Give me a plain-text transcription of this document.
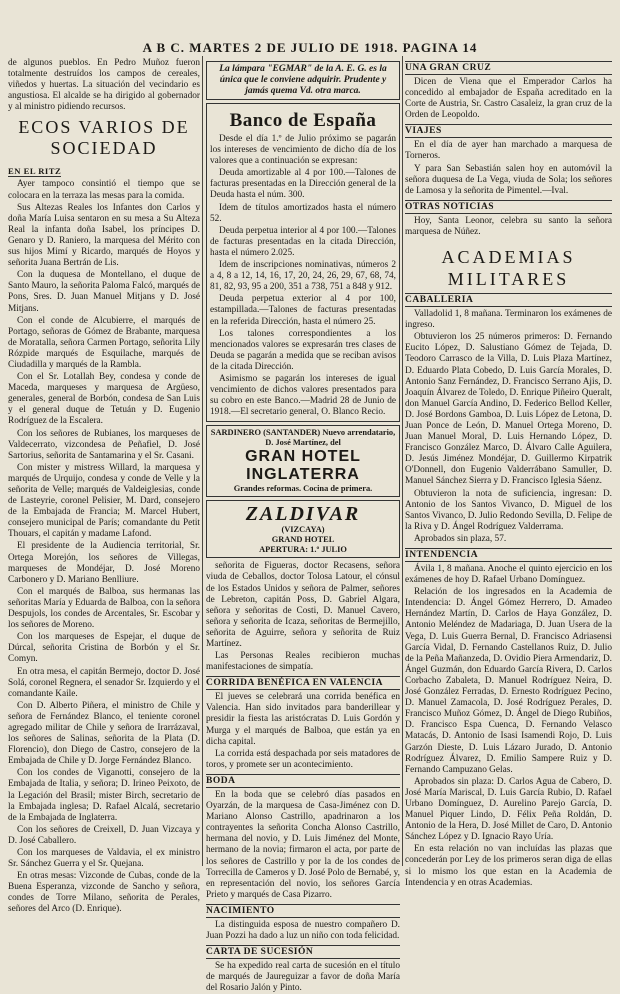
A B C. MARTES 2 DE JULIO DE 1918. PAGINA 14

de algunos pueblos. En Pedro Muñoz fueron totalmente destruídos los campos de cereales, viñedos y huertas. La situación del vecindario es angustiosa. El alcalde se ha dirigido al gobernador y al ministro pidiendo recursos.

ECOS VARIOS DE SOCIEDAD
EN EL RITZ

Ayer tampoco consintió el tiempo que se colocara en la terraza las mesas para la comida.

Sus Altezas Reales los Infantes don Carlos y doña María Luisa sentaron en su mesa a Su Alteza Real la infanta doña Isabel, los príncipes D. Genaro y D. Raniero, la marquesa del Mérito con sus hijos Mimí y Ricardo, marqués de Hoyos y señorita Juana Bertrán de Lis.

Con la duquesa de Montellano, el duque de Santo Mauro, la señorita Paloma Falcó, marqués de Pons, Sres. D. Juan Manuel Mitjans y D. José Mitjans.

Con el conde de Alcubierre, el marqués de Portago, señoras de Gómez de Brabante, marquesa de Moratalla, señora Carmen Portago, señorita Lily Rózpide marqués de Esquilache, marqués de Ciudadilla y marqués de la Rambla.

Con el Sr. Lotallah Bey, condesa y conde de Maceda, marqueses y marquesa de Argüeso, generales, general de Borbón, condesa de San Luis y el general duque de Tetuán y D. Eugenio Rodríguez de la Escalera.

Con los señores de Rubianes, los marqueses de Valdecerrato, vizcondesa de Peñafiel, D. José Sartorius, señorita de Santamarina y el Sr. Casani.

Con mister y mistress Willard, la marquesa y marqués de Urquijo, condesa y conde de Velle y la señorita de Velle; marqués de Valdeiglesias, conde de Lasteyrie, coronel Pelisier, M. Dard, consejero de la Embajada de Francia; M. Marcel Hubert, consejero municipal de París; comandante du Petit Thouars, el capitán y madame Lafond.

El presidente de la Audiencia territorial, Sr. Ortega Morejón, los señores de Villegas, marqueses de Mondéjar, D. José Moreno Carbonero y D. Mariano Benlliure.

Con el marqués de Balboa, sus hermanas las señoritas María y Eduarda de Balboa, con la señora Despujols, los condes de Arcentales, Sr. Escobar y los señores de Moreno.

Con los marqueses de Espejar, el duque de Dúrcal, señorita Cristina de Borbón y el Sr. Comyn.

En otra mesa, el capitán Bermejo, doctor D. José Solá, coronel Regnera, el senador Sr. Izquierdo y el comandante Kaile.

Con D. Alberto Piñera, el ministro de Chile y señora de Fernández Blanco, el teniente coronel agregado militar de Chile y señora de Irarrázaval, los señores de Salinas, señorita de la Plata (D. Florencio), don Diego de Castro, consejero de la Embajada de Chile y D. Jorge Fernández Blanco.

Con los condes de Viganotti, consejero de la Embajada de Italia, y señora; D. Irineo Peixoto, de la Legación del Brasil; mister Birch, secretario de la Embajada inglesa; D. Rafael Alcalá, secretario de la Embajada de Inglaterra.

Con los señores de Creixell, D. Juan Vizcaya y D. José Caballero.

Con los marqueses de Valdavia, el ex ministro Sr. Sánchez Guerra y el Sr. Quejana.

En otras mesas: Vizconde de Cubas, conde de la Buena Esperanza, vizconde de Sancho y señora, condes de Torre Milano, señorita de Perales, señores del Arco (D. Enrique).

La lámpara "EGMAR" de la A. E. G. es la única que le conviene adquirir. Prudente y jamás quema Vd. otra marca.
Banco de España

Desde el día 1.º de Julio próximo se pagarán los intereses de vencimiento de dicho día de los valores que a continuación se expresan:

Deuda amortizable al 4 por 100.—Talones de facturas presentadas en la Dirección general de la Deuda hasta el núm. 300.

Idem de títulos amortizados hasta el número 52.

Deuda perpetua interior al 4 por 100.—Talones de facturas presentadas en la citada Dirección, hasta el número 2.025.

Idem de inscripciones nominativas, números 2 a 4, 8 a 12, 14, 16, 17, 20, 24, 26, 29, 67, 68, 74, 81, 82, 93, 95 a 200, 351 a 738, 751 a 848 y 912.

Deuda perpetua exterior al 4 por 100, estampillada.—Talones de facturas presentadas en la referida Dirección, hasta el número 25.

Los talones correspondientes a los mencionados valores se expresarán tres clases de Deuda se pagarán a medida que se reciban avisos de la citada Dirección.

Asimismo se pagarán los intereses de igual vencimiento de dichos valores presentados para su cobro en este Banco.—Madrid 28 de Junio de 1918.—El secretario general, O. Blanco Recio.

SARDINERO (SANTANDER) Nuevo arrendatario, D. José Martínez, del
GRAN HOTEL INGLATERRA
Grandes reformas. Cocina de primera.
ZALDIVAR
(VIZCAYA)
GRAND HOTEL
APERTURA: 1.º JULIO

señorita de Figueras, doctor Recasens, señora viuda de Ceballos, doctor Tolosa Latour, el cónsul de los Estados Unidos y señora de Palmer, señores de Lebreton, capitán Poss, D. Gabriel Algara, señora y señoritas de Costi, D. Manuel Cavero, señora y señorita de Icaza, señoritas de Bermejillo, señorita de Aguirre, señora y señorita de Ruiz Martínez.

Las Personas Reales recibieron muchas manifestaciones de simpatía.

CORRIDA BENÉFICA EN VALENCIA

El jueves se celebrará una corrida benéfica en Valencia. Han sido invitados para banderillear y presidir la fiesta las aristócratas D. Luis Gordón y Murga y el marqués de Balboa, que están ya en dicha capital.

La corrida está despachada por seis matadores de toros, y promete ser un acontecimiento.

BODA

En la boda que se celebró días pasados en Oyarzán, de la marquesa de Casa-Jiménez con D. Mariano Alonso Castrillo, apadrinaron a los contrayentes la señorita Concha Alonso Castrillo, hermana del novio, y D. Luis Jiménez del Monte, hermano de la novia; firmaron el acta, por parte de los señores de Castrillo y por la de los condes de Torrecilla de Cameros y D. José Polo de Bernabé, y, en representación del novio, los señores García Prieto y marqués de Casa Pizarro.

NACIMIENTO

La distinguida esposa de nuestro compañero D. Juan Pozzi ha dado a luz un niño con toda felicidad.

CARTA DE SUCESIÓN

Se ha expedido real carta de sucesión en el título de marqués de Jaureguizar a favor de doña María del Rosario Jalón y Pinto.

UNA GRAN CRUZ

Dicen de Viena que el Emperador Carlos ha concedido al embajador de España acreditado en la Corte de Austria, Sr. Castro Casaleiz, la gran cruz de la Orden de Leopoldo.

VIAJES

En el día de ayer han marchado a marquesa de Torneros.

Y para San Sebastián salen hoy en automóvil la señora duquesa de La Vega, viuda de Sola; los señores de Lamosa y la señorita de Pimentel.—Ival.

OTRAS NOTICIAS

Hoy, Santa Leonor, celebra su santo la señora marquesa de Núñez.

ACADEMIAS MILITARES
CABALLERIA

Valladolid 1, 8 mañana. Terminaron los exámenes de ingreso.

Obtuvieron los 25 números primeros: D. Fernando Eucito López, D. Salustiano Gómez de Tejada, D. Teodoro Carrasco de la Villa, D. Luis Plaza Martínez, D. Eduardo Plata Cobedo, D. Luis García Morales, D. Antonio Sanz Fernández, D. Francisco Serrano Ajis, D. Joaquín Álvarez de Toledo, D. Enrique Piñeiro Queralt, don Manuel García Andino, D. Federico Bellod Keller, D. José Bordons Gamboa, D. Luis López de Letona, D. Juan Ponce de León, D. Manuel Ortega Moreno, D. Juan Manuel Moral, D. Luis Hernando López, D. Francisco González Marco, D. Álvaro Calle Aguilera, D. Jesús Jiménez Mondéjar, D. Guillermo Kirpatrik O'Donnell, don Eugenio Valderrábano Samuller, D. Manuel Sánchez Sierra y D. Francisco Iglesia Sáenz.

Obtuvieron la nota de suficiencia, ingresan: D. Antonio de los Santos Vivanco, D. Miguel de los Santos Vivanco, D. Julio Redondo Sevilla, D. Felipe de la Riva y D. Ángel Rodríguez Valderrama.

Aprobados sin plaza, 57.

INTENDENCIA

Ávila 1, 8 mañana. Anoche el quinto ejercicio en los exámenes de hoy D. Rafael Urbano Domínguez.

Relación de los ingresados en la Academia de Intendencia: D. Ángel Gómez Herrero, D. Amadeo Hernández Martín, D. Carlos de Haya González, D. Antonio Meléndez de Madariaga, D. Juan Usera de la Vega, D. Luis Guerra Bernal, D. Francisco Adriasensi García Vidal, D. Fernando Castellanos Ruiz, D. Julio de la Peña Mañanzeda, D. Ovidio Piera Armendariz, D. Ángel Guzmán, don Eduardo García Rivera, D. Carlos Corbacho Zabaleta, D. Manuel Rodríguez Neira, D. José González Ferradas, D. Ernesto Rodríguez Pecino, D. Manuel Zamacola, D. José Rodríguez Perales, D. Francisco Muñoz Gómez, D. Ángel de Diego Rubiños, D. Francisco Espa Cuenca, D. Fernando Velasco Matacás, D. Antonio de Isasi Isamendi Rojo, D. Luis Garzón Dieste, D. Luis Lázaro Jurado, D. Antonio Rodríguez Álvarez, D. Emilio Sampere Ruiz y D. Fernando Campuzano Gelas.

Aprobados sin plaza: D. Carlos Agua de Cabero, D. José María Mariscal, D. Luis García Rubio, D. Rafael Urbano Domínguez, D. Aurelino Parejo García, D. Manuel Piquer Lindo, D. Félix Peña Roldán, D. Antonio de la Hera, D. José Millet de Caro, D. Antonio Sánchez López y D. Ignacio Rayo Uría.

En esta relación no van incluídas las plazas que concederán por Ley de los primeros seran diga de ellas si lo mismo los que estan en la Academia de Intendencia y en otras Academias.
